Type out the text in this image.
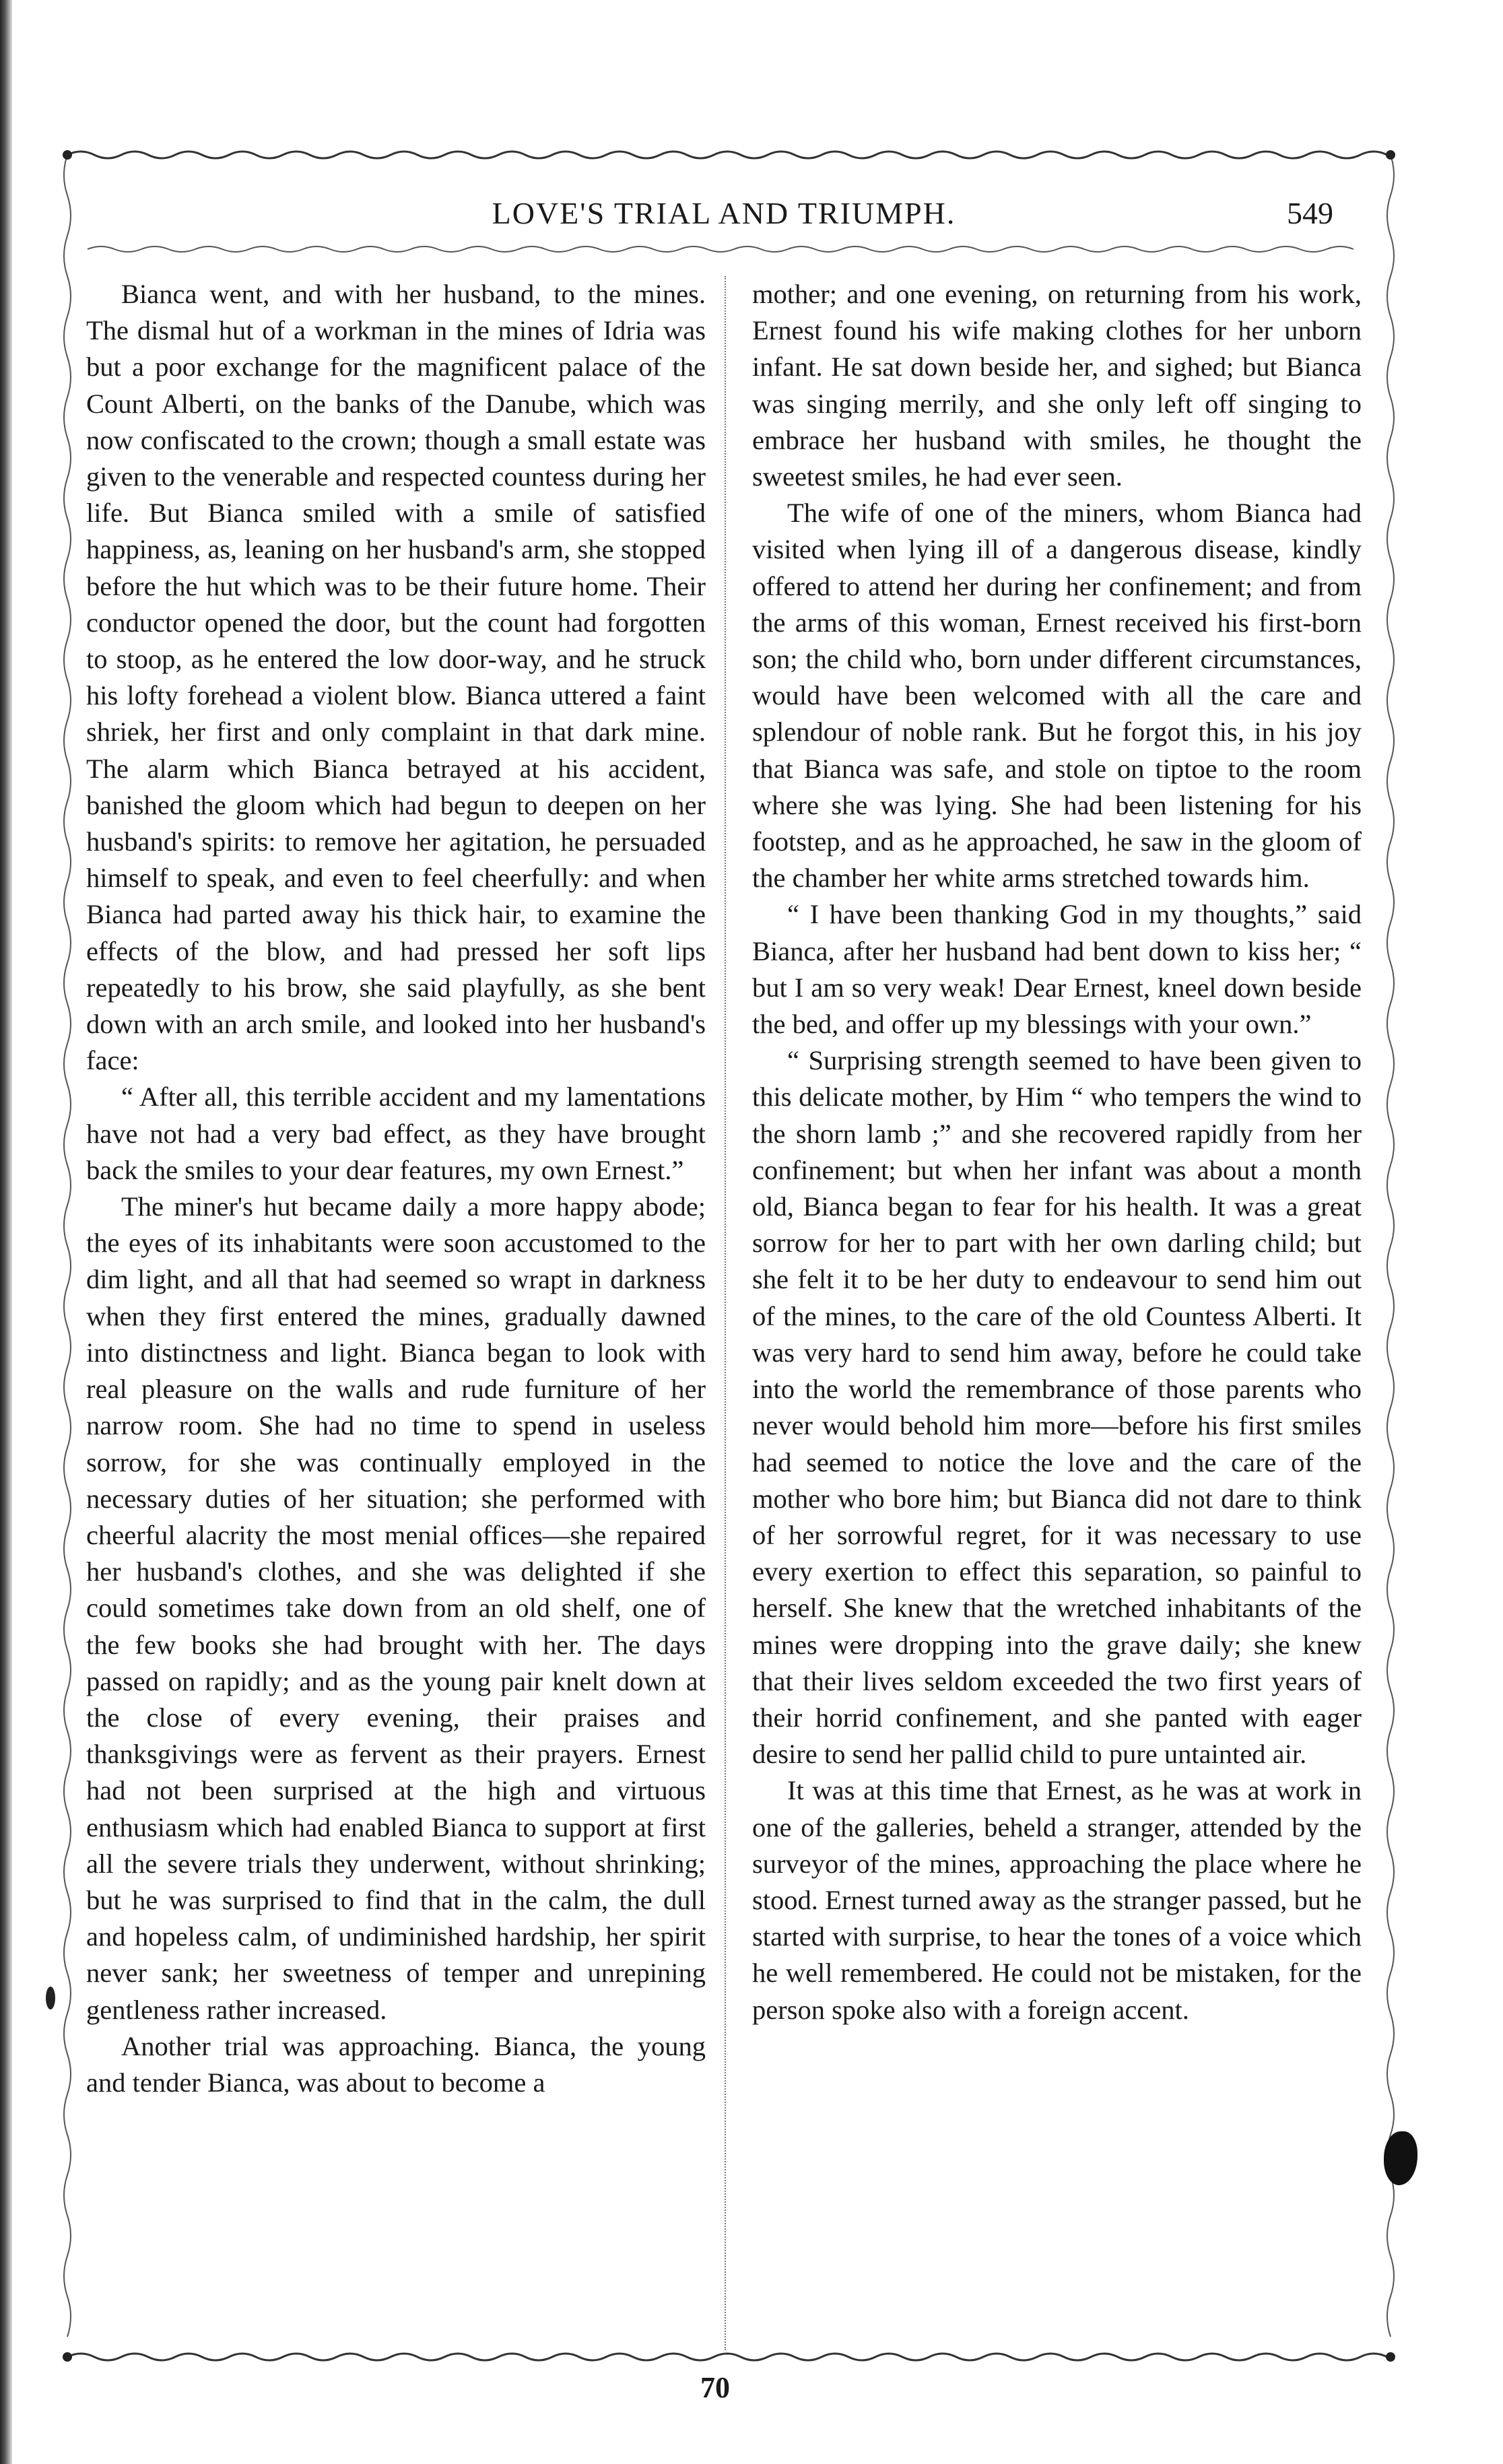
LOVE'S TRIAL AND TRIUMPH.	549

Bianca went, and with her husband, to the mines. The dismal hut of a workman in the mines of Idria was but a poor exchange for the magnificent palace of the Count Alberti, on the banks of the Danube, which was now confiscated to the crown; though a small estate was given to the venerable and respected countess during her life. But Bianca smiled with a smile of satisfied happiness, as, leaning on her husband's arm, she stopped before the hut which was to be their future home. Their conductor opened the door, but the count had forgotten to stoop, as he entered the low door-way, and he struck his lofty forehead a violent blow. Bianca uttered a faint shriek, her first and only complaint in that dark mine. The alarm which Bianca betrayed at his accident, banished the gloom which had begun to deepen on her husband's spirits: to remove her agitation, he persuaded himself to speak, and even to feel cheerfully: and when Bianca had parted away his thick hair, to examine the effects of the blow, and had pressed her soft lips repeatedly to his brow, she said playfully, as she bent down with an arch smile, and looked into her husband's face:

“ After all, this terrible accident and my lamentations have not had a very bad effect, as they have brought back the smiles to your dear features, my own Ernest.”

The miner's hut became daily a more happy abode; the eyes of its inhabitants were soon accustomed to the dim light, and all that had seemed so wrapt in darkness when they first entered the mines, gradually dawned into distinctness and light. Bianca began to look with real pleasure on the walls and rude furniture of her narrow room. She had no time to spend in useless sorrow, for she was continually employed in the necessary duties of her situation; she performed with cheerful alacrity the most menial offices—she repaired her husband's clothes, and she was delighted if she could sometimes take down from an old shelf, one of the few books she had brought with her. The days passed on rapidly; and as the young pair knelt down at the close of every evening, their praises and thanksgivings were as fervent as their prayers. Ernest had not been surprised at the high and virtuous enthusiasm which had enabled Bianca to support at first all the severe trials they underwent, without shrinking; but he was surprised to find that in the calm, the dull and hopeless calm, of undiminished hardship, her spirit never sank; her sweetness of temper and unrepining gentleness rather increased.

Another trial was approaching. Bianca, the young and tender Bianca, was about to become a

mother; and one evening, on returning from his work, Ernest found his wife making clothes for her unborn infant. He sat down beside her, and sighed; but Bianca was singing merrily, and she only left off singing to embrace her husband with smiles, he thought the sweetest smiles, he had ever seen.

The wife of one of the miners, whom Bianca had visited when lying ill of a dangerous disease, kindly offered to attend her during her confinement; and from the arms of this woman, Ernest received his first-born son; the child who, born under different circumstances, would have been welcomed with all the care and splendour of noble rank. But he forgot this, in his joy that Bianca was safe, and stole on tiptoe to the room where she was lying. She had been listening for his footstep, and as he approached, he saw in the gloom of the chamber her white arms stretched towards him.

“ I have been thanking God in my thoughts,” said Bianca, after her husband had bent down to kiss her; “ but I am so very weak! Dear Ernest, kneel down beside the bed, and offer up my blessings with your own.”

“ Surprising strength seemed to have been given to this delicate mother, by Him “ who tempers the wind to the shorn lamb ;” and she recovered rapidly from her confinement; but when her infant was about a month old, Bianca began to fear for his health. It was a great sorrow for her to part with her own darling child; but she felt it to be her duty to endeavour to send him out of the mines, to the care of the old Countess Alberti. It was very hard to send him away, before he could take into the world the remembrance of those parents who never would behold him more—before his first smiles had seemed to notice the love and the care of the mother who bore him; but Bianca did not dare to think of her sorrowful regret, for it was necessary to use every exertion to effect this separation, so painful to herself. She knew that the wretched inhabitants of the mines were dropping into the grave daily; she knew that their lives seldom exceeded the two first years of their horrid confinement, and she panted with eager desire to send her pallid child to pure untainted air.

It was at this time that Ernest, as he was at work in one of the galleries, beheld a stranger, attended by the surveyor of the mines, approaching the place where he stood. Ernest turned away as the stranger passed, but he started with surprise, to hear the tones of a voice which he well remembered. He could not be mistaken, for the person spoke also with a foreign accent.

70
